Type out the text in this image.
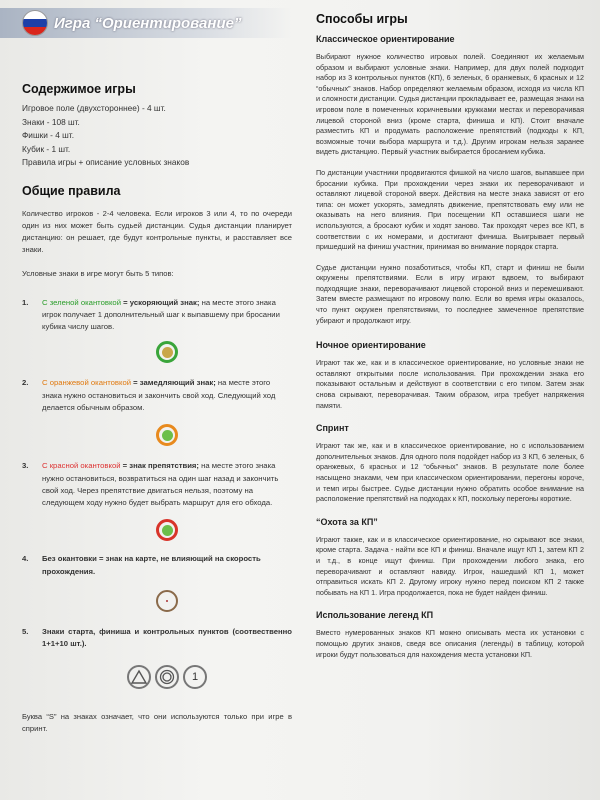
Игра “Ориентирование”
Содержимое игры
Игровое поле (двухстороннее) - 4 шт.
Знаки - 108 шт.
Фишки - 4 шт.
Кубик - 1 шт.
Правила игры + описание условных знаков
Общие правила
Количество игроков - 2-4 человека. Если игроков 3 или 4, то по очереди один из них может быть судьей дистанции. Судья дистанции планирует дистанцию: он решает, где будут контрольные пункты, и расставляет все знаки.
Условные знаки в игре могут быть 5 типов:
1.	С зеленой окантовкой = ускоряющий знак; на месте этого знака игрок получает 1 дополнительный шаг к выпавшему при бросании кубика числу шагов.
2.	С оранжевой окантовкой = замедляющий знак; на месте этого знака нужно остановиться и закончить свой ход. Следующий ход делается обычным образом.
3.	С красной окантовкой = знак препятствия; на месте этого знака нужно остановиться, возвратиться на один шаг назад и закончить свой ход. Через препятствие двигаться нельзя, поэтому на следующем ходу нужно будет выбрать маршрут для его обхода.
4.	Без окантовки = знак на карте, не влияющий на скорость прохождения.
5.	Знаки старта, финиша и контрольных пунктов (соотвественно 1+1+10 шт.).
1
Буква “S” на знаках означает, что они используются только при игре в спринт.
Способы игры
Классическое ориентирование
Выбирают нужное количество игровых полей. Соединяют их желаемым образом и выбирают условные знаки. Например, для двух полей подходит набор из 3 контрольных пунктов (КП), 6 зеленых, 6 оранжевых, 6 красных и 12 “обычных” знаков. Набор определяют желаемым образом, исходя из числа КП и сложности дистанции. Судья дистанции прокладывает ее, размещая знаки на игровом поле в помеченных коричневыми кружками местах и переворачивая лицевой стороной вниз (кроме старта, финиша и КП). Стоит вначале разместить КП и продумать расположение препятствий (подходы к КП, возможные точки выбора маршрута и т.д.). Другим игрокам нельзя заранее видеть дистанцию. Первый участник выбирается бросанием кубика.
По дистанции участники продвигаются фишкой на число шагов, выпавшее при бросании кубика. При прохождении через знаки их переворачивают и оставляют лицевой стороной вверх. Действия на месте знака зависят от его типа: он может ускорять, замедлять движение, препятствовать ему или не оказывать на него влияния. При посещении КП оставшиеся шаги не используются, а бросают кубик и ходят заново. Так проходят через все КП, в соответствии с их номерами, и достигают финиша. Выигрывает первый пришедший на финиш участник, принимая во внимание порядок старта.
Судье дистанции нужно позаботиться, чтобы КП, старт и финиш не были окружены препятствиями. Если в игру играют вдвоем, то выбирают подходящие знаки, переворачивают лицевой стороной вниз и перемешивают. Затем вместе размещают по игровому полю. Если во время игры оказалось, что пункт окружен препятствиями, то последнее замеченное препятствие убирают и продолжают игру.
Ночное ориентирование
Играют так же, как и в классическое ориентирование, но условные знаки не оставляют открытыми после использования. При прохождении знака его показывают остальным и действуют в соответствии с его типом. Затем знак снова скрывают, переворачивая. Таким образом, игра требует напряжения памяти.
Спринт
Играют так же, как и в классическое ориентирование, но с использованием дополнительных знаков. Для одного поля подойдет набор из 3 КП, 6 зеленых, 6 оранжевых, 6 красных и 12 “обычных” знаков. В результате поле более насыщено знаками, чем при классическом ориентировании, перегоны короче, и темп игры быстрее. Судье дистанции нужно обратить особое внимание на расположение препятствий на подходах к КП, поскольку перегоны короткие.
“Охота за КП”
Играют также, как и в классическое ориентирование, но скрывают все знаки, кроме старта. Задача - найти все КП и финиш. Вначале ищут КП 1, затем КП 2 и т.д., в конце ищут финиш. При прохождении любого знака, его переворачивают и оставляют навиду. Игрок, нашедший КП 1, может отправиться искать КП 2. Другому игроку нужно перед поиском КП 2 также побывать на КП 1. Игра продолжается, пока не будет найден финиш.
Использование легенд КП
Вместо нумерованных знаков КП можно описывать места их установки с помощью других знаков, сведя все описания (легенды) в таблицу, которой игроки будут пользоваться для нахождения места установки КП.
